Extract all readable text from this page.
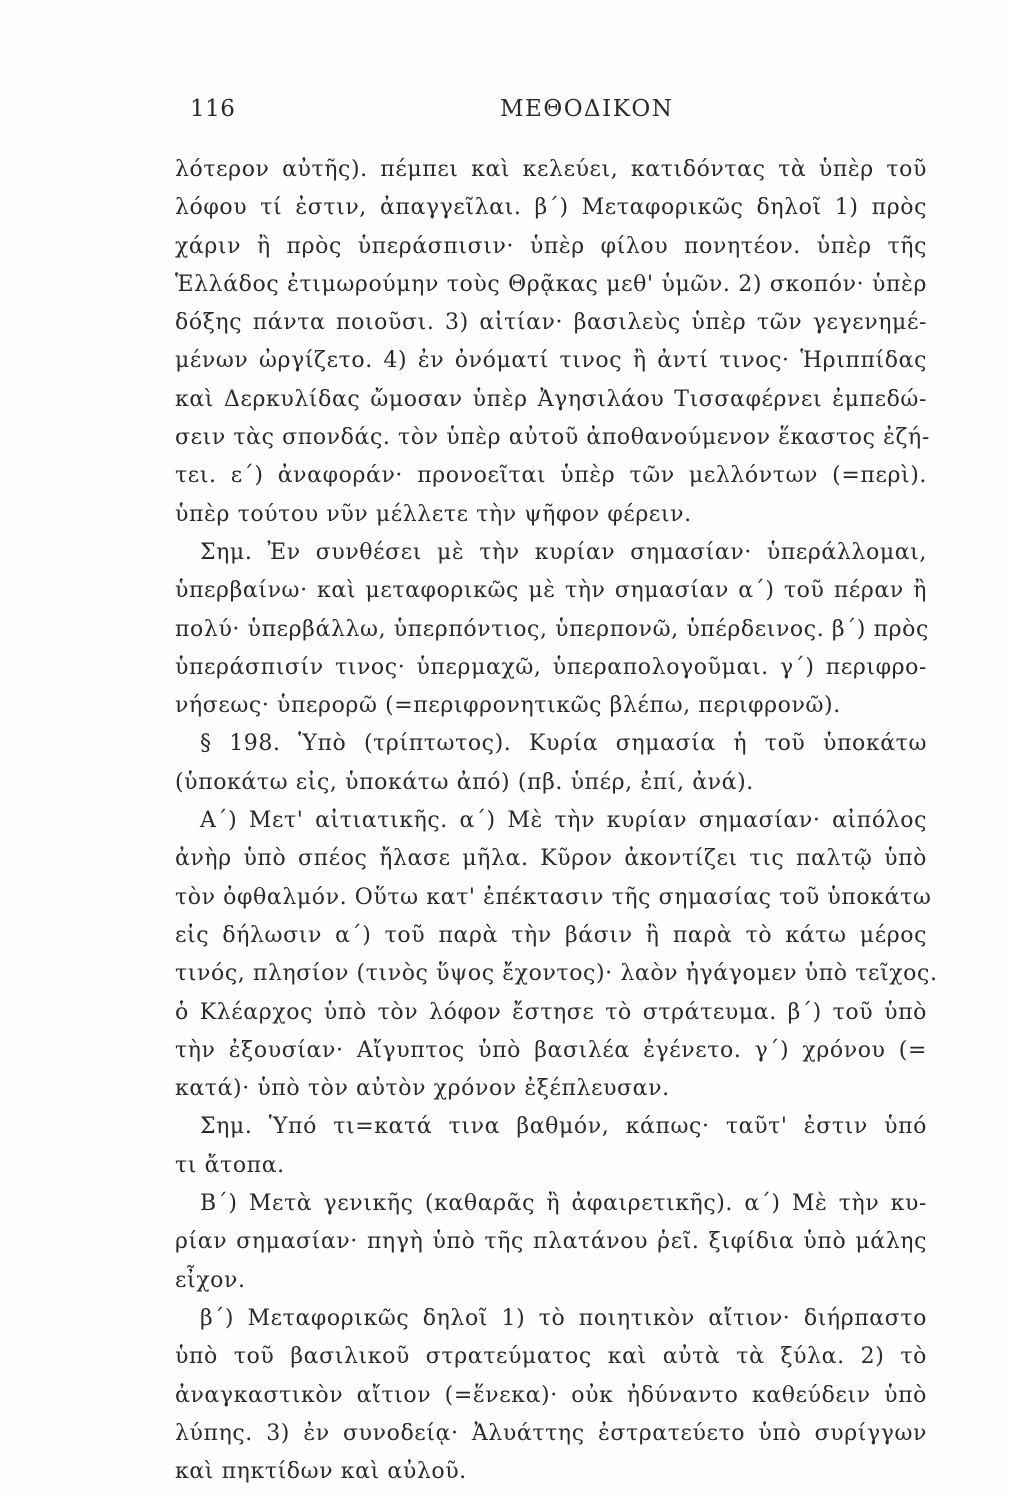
116	ΜΕΘΟΔΙΚΟΝ
λότερον αὐτῆς). πέμπει καὶ κελεύει, κατιδόντας τὰ ὑπὲρ τοῦ
λόφου τί ἐστιν, ἀπαγγεῖλαι. β΄) Μεταφορικῶς δηλοῖ 1) πρὸς
χάριν ἢ πρὸς ὑπεράσπισιν· ὑπὲρ φίλου πονητέον. ὑπὲρ τῆς
Ἑλλάδος ἐτιμωρούμην τοὺς Θρᾷκας μεθ' ὑμῶν. 2) σκοπόν· ὑπὲρ
δόξης πάντα ποιοῦσι. 3) αἰτίαν· βασιλεὺς ὑπὲρ τῶν γεγενημέ-
μένων ὠργίζετο. 4) ἐν ὀνόματί τινος ἢ ἀντί τινος· Ἡριππίδας
καὶ Δερκυλίδας ὤμοσαν ὑπὲρ Ἀγησιλάου Τισσαφέρνει ἐμπεδώ-
σειν τὰς σπονδάς. τὸν ὑπὲρ αὐτοῦ ἀποθανούμενον ἕκαστος ἐζή-
τει. ε΄) ἀναφοράν· προνοεῖται ὑπὲρ τῶν μελλόντων (=περὶ).
ὑπὲρ τούτου νῦν μέλλετε τὴν ψῆφον φέρειν.
Σημ. Ἐν συνθέσει μὲ τὴν κυρίαν σημασίαν· ὑπεράλλομαι,
ὑπερβαίνω· καὶ μεταφορικῶς μὲ τὴν σημασίαν α΄) τοῦ πέραν ἢ
πολύ· ὑπερβάλλω, ὑπερπόντιος, ὑπερπονῶ, ὑπέρδεινος. β΄) πρὸς
ὑπεράσπισίν τινος· ὑπερμαχῶ, ὑπεραπολογοῦμαι. γ΄) περιφρο-
νήσεως· ὑπερορῶ (=περιφρονητικῶς βλέπω, περιφρονῶ).
§ 198. Ὑπὸ (τρίπτωτος). Κυρία σημασία ἡ τοῦ ὑποκάτω
(ὑποκάτω εἰς, ὑποκάτω ἀπό) (πβ. ὑπέρ, ἐπί, ἀνά).
Α΄) Μετ' αἰτιατικῆς. α΄) Μὲ τὴν κυρίαν σημασίαν· αἰπόλος
ἀνὴρ ὑπὸ σπέος ἤλασε μῆλα. Κῦρον ἀκοντίζει τις παλτῷ ὑπὸ
τὸν ὀφθαλμόν. Οὕτω κατ' ἐπέκτασιν τῆς σημασίας τοῦ ὑποκάτω
εἰς δήλωσιν α΄) τοῦ παρὰ τὴν βάσιν ἢ παρὰ τὸ κάτω μέρος
τινός, πλησίον (τινὸς ὕψος ἔχοντος)· λαὸν ἠγάγομεν ὑπὸ τεῖχος.
ὁ Κλέαρχος ὑπὸ τὸν λόφον ἔστησε τὸ στράτευμα. β΄) τοῦ ὑπὸ
τὴν ἐξουσίαν· Αἴγυπτος ὑπὸ βασιλέα ἐγένετο. γ΄) χρόνου (=
κατά)· ὑπὸ τὸν αὐτὸν χρόνον ἐξέπλευσαν.
Σημ. Ὑπό τι=κατά τινα βαθμόν, κάπως· ταῦτ' ἐστιν ὑπό
τι ἄτοπα.
Β΄) Μετὰ γενικῆς (καθαρᾶς ἢ ἀφαιρετικῆς). α΄) Μὲ τὴν κυ-
ρίαν σημασίαν· πηγὴ ὑπὸ τῆς πλατάνου ῥεῖ. ξιφίδια ὑπὸ μάλης
εἶχον.
β΄) Μεταφορικῶς δηλοῖ 1) τὸ ποιητικὸν αἴτιον· διήρπαστο
ὑπὸ τοῦ βασιλικοῦ στρατεύματος καὶ αὐτὰ τὰ ξύλα. 2) τὸ
ἀναγκαστικὸν αἴτιον (=ἕνεκα)· οὐκ ἠδύναντο καθεύδειν ὑπὸ
λύπης. 3) ἐν συνοδείᾳ· Ἀλυάττης ἐστρατεύετο ὑπὸ συρίγγων
καὶ πηκτίδων καὶ αὐλοῦ.
